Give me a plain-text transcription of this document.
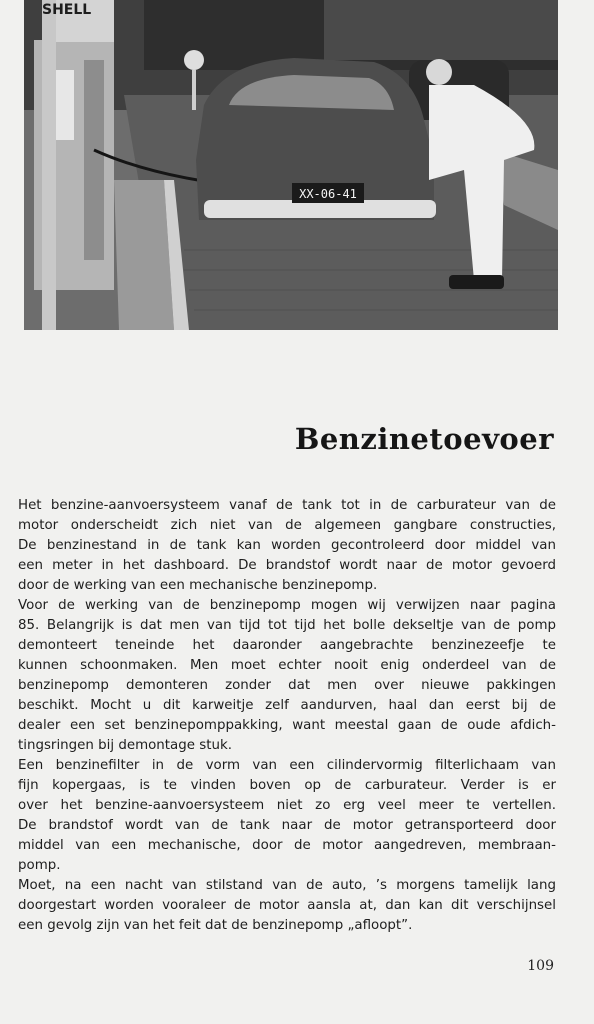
XX-06-41
SHELL
Benzinetoevoer
Het benzine-aanvoersysteem vanaf de tank tot in de carburateur van de
motor onderscheidt zich niet van de algemeen gangbare constructies,
De benzinestand in de tank kan worden gecontroleerd door middel van
een meter in het dashboard. De brandstof wordt naar de motor gevoerd
door de werking van een mechanische benzinepomp.
Voor de werking van de benzinepomp mogen wij verwijzen naar pagina
85. Belangrijk is dat men van tijd tot tijd het bolle dekseltje van de pomp
demonteert teneinde het daaronder aangebrachte benzinezeefje te
kunnen schoonmaken. Men moet echter nooit enig onderdeel van de
benzinepomp demonteren zonder dat men over nieuwe pakkingen
beschikt. Mocht u dit karweitje zelf aandurven, haal dan eerst bij de
dealer een set benzinepomppakking, want meestal gaan de oude afdich-
tingsringen bij demontage stuk.
Een benzinefilter in de vorm van een cilindervormig filterlichaam van
fijn kopergaas, is te vinden boven op de carburateur. Verder is er
over het benzine-aanvoersysteem niet zo erg veel meer te vertellen.
De brandstof wordt van de tank naar de motor getransporteerd door
middel van een mechanische, door de motor aangedreven, membraan-
pomp.
Moet, na een nacht van stilstand van de auto, ’s morgens tamelijk lang
doorgestart worden vooraleer de motor aansla at, dan kan dit verschijnsel
een gevolg zijn van het feit dat de benzinepomp „afloopt”.
109
